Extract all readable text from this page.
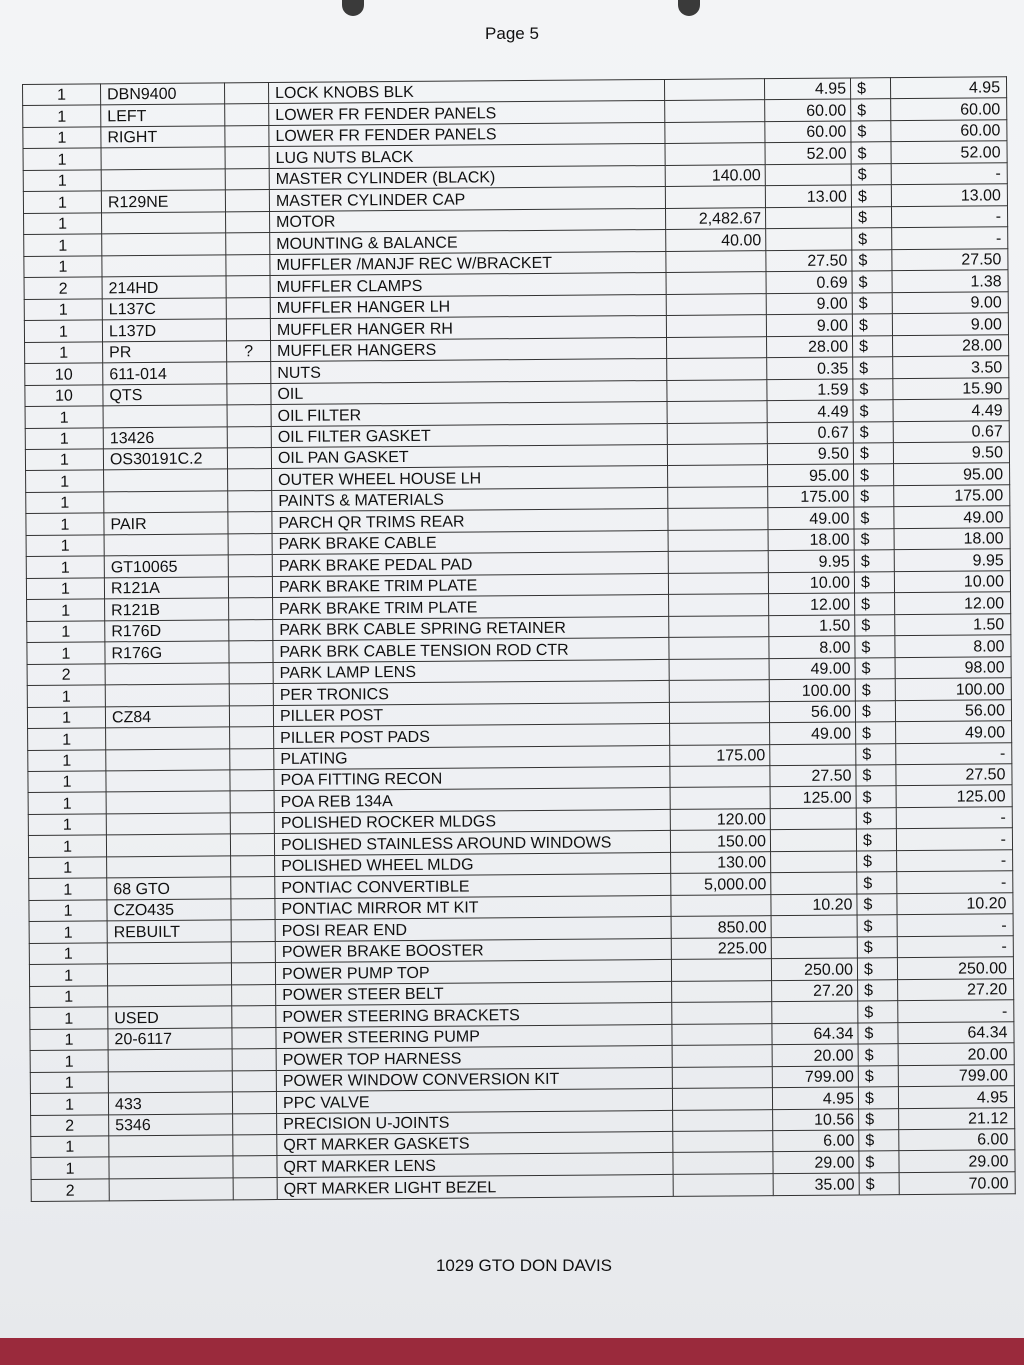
Page 5
1	DBN9400		LOCK KNOBS BLK		4.95	$	4.95
1	LEFT		LOWER FR FENDER PANELS		60.00	$	60.00
1	RIGHT		LOWER FR FENDER PANELS		60.00	$	60.00
1			LUG NUTS BLACK		52.00	$	52.00
1			MASTER CYLINDER (BLACK)	140.00		$	-
1	R129NE		MASTER CYLINDER CAP		13.00	$	13.00
1			MOTOR	2,482.67		$	-
1			MOUNTING & BALANCE	40.00		$	-
1			MUFFLER /MANJF REC W/BRACKET		27.50	$	27.50
2	214HD		MUFFLER CLAMPS		0.69	$	1.38
1	L137C		MUFFLER HANGER LH		9.00	$	9.00
1	L137D		MUFFLER HANGER RH		9.00	$	9.00
1	PR	?	MUFFLER HANGERS		28.00	$	28.00
10	611-014		NUTS		0.35	$	3.50
10	QTS		OIL		1.59	$	15.90
1			OIL FILTER		4.49	$	4.49
1	13426		OIL FILTER GASKET		0.67	$	0.67
1	OS30191C.2		OIL PAN GASKET		9.50	$	9.50
1			OUTER WHEEL HOUSE LH		95.00	$	95.00
1			PAINTS & MATERIALS		175.00	$	175.00
1	PAIR		PARCH QR TRIMS REAR		49.00	$	49.00
1			PARK BRAKE CABLE		18.00	$	18.00
1	GT10065		PARK BRAKE PEDAL PAD		9.95	$	9.95
1	R121A		PARK BRAKE TRIM PLATE		10.00	$	10.00
1	R121B		PARK BRAKE TRIM PLATE		12.00	$	12.00
1	R176D		PARK BRK CABLE SPRING RETAINER		1.50	$	1.50
1	R176G		PARK BRK CABLE TENSION ROD CTR		8.00	$	8.00
2			PARK LAMP LENS		49.00	$	98.00
1			PER TRONICS		100.00	$	100.00
1	CZ84		PILLER POST		56.00	$	56.00
1			PILLER POST PADS		49.00	$	49.00
1			PLATING	175.00		$	-
1			POA FITTING RECON		27.50	$	27.50
1			POA REB 134A		125.00	$	125.00
1			POLISHED ROCKER MLDGS	120.00		$	-
1			POLISHED STAINLESS AROUND WINDOWS	150.00		$	-
1			POLISHED WHEEL MLDG	130.00		$	-
1	68 GTO		PONTIAC CONVERTIBLE	5,000.00		$	-
1	CZO435		PONTIAC MIRROR MT KIT		10.20	$	10.20
1	REBUILT		POSI REAR END	850.00		$	-
1			POWER BRAKE BOOSTER	225.00		$	-
1			POWER PUMP TOP		250.00	$	250.00
1			POWER STEER BELT		27.20	$	27.20
1	USED		POWER STEERING BRACKETS			$	-
1	20-6117		POWER STEERING PUMP		64.34	$	64.34
1			POWER TOP HARNESS		20.00	$	20.00
1			POWER WINDOW CONVERSION KIT		799.00	$	799.00
1	433		PPC VALVE		4.95	$	4.95
2	5346		PRECISION U-JOINTS		10.56	$	21.12
1			QRT MARKER GASKETS		6.00	$	6.00
1			QRT MARKER LENS		29.00	$	29.00
2			QRT MARKER LIGHT BEZEL		35.00	$	70.00
1029 GTO DON DAVIS
